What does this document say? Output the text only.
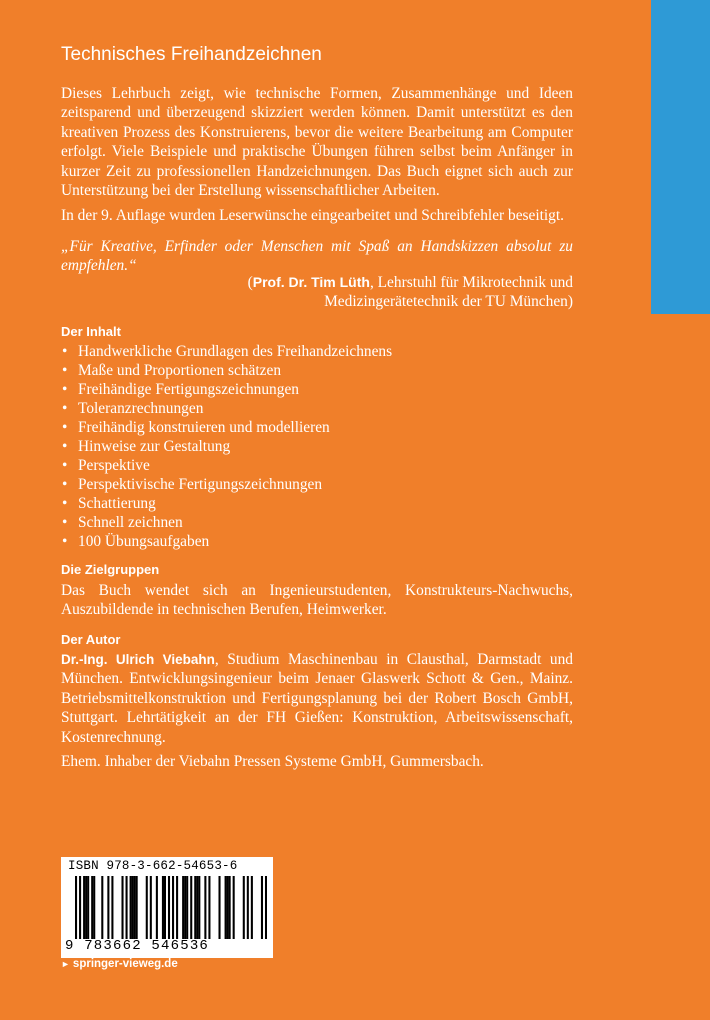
Technisches Freihandzeichnen

Dieses Lehrbuch zeigt, wie technische Formen, Zusammenhänge und Ideen zeitsparend und überzeugend skizziert werden können. Damit unterstützt es den kreativen Prozess des Konstruierens, bevor die weitere Bearbeitung am Computer erfolgt. Viele Beispiele und praktische Übungen führen selbst beim Anfänger in kurzer Zeit zu professionellen Handzeichnungen. Das Buch eignet sich auch zur Unterstützung bei der Erstellung wissenschaftlicher Arbeiten.

In der 9. Auflage wurden Leserwünsche eingearbeitet und Schreibfehler beseitigt.

„Für Kreative, Erfinder oder Menschen mit Spaß an Handskizzen absolut zu empfehlen.“

(Prof. Dr. Tim Lüth, Lehrstuhl für Mikrotechnik und Medizingerätetechnik der TU München)
Der Inhalt
• Handwerkliche Grundlagen des Freihandzeichnens
• Maße und Proportionen schätzen
• Freihändige Fertigungszeichnungen
• Toleranzrechnungen
• Freihändig konstruieren und modellieren
• Hinweise zur Gestaltung
• Perspektive
• Perspektivische Fertigungszeichnungen
• Schattierung
• Schnell zeichnen
• 100 Übungsaufgaben
Die Zielgruppen

Das Buch wendet sich an Ingenieurstudenten, Konstrukteurs-Nachwuchs, Auszubildende in technischen Berufen, Heimwerker.

Der Autor

Dr.-Ing. Ulrich Viebahn, Studium Maschinenbau in Clausthal, Darmstadt und München. Entwicklungsingenieur beim Jenaer Glaswerk Schott & Gen., Mainz. Betriebsmittelkonstruktion und Fertigungsplanung bei der Robert Bosch GmbH, Stuttgart. Lehrtätigkeit an der FH Gießen: Konstruktion, Arbeitswissenschaft, Kostenrechnung.

Ehem. Inhaber der Viebahn Pressen Systeme GmbH, Gummersbach.

ISBN 978-3-662-54653-6
9 783662 546536
► springer-vieweg.de
